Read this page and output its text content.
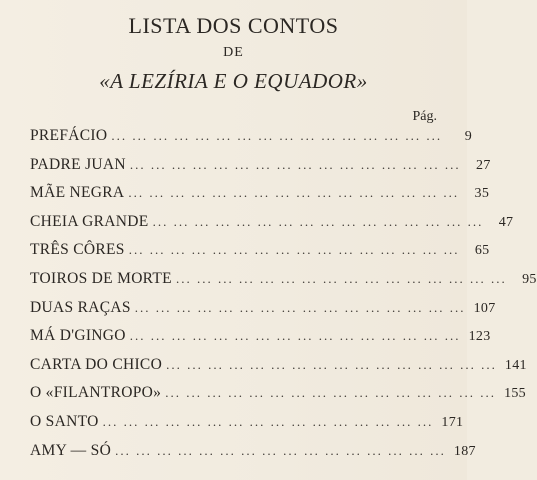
LISTA DOS CONTOS
DE
«A LEZÍRIA E O EQUADOR»
Pág.
PREFÁCIO ... ... ... ... ... ... ... ... ... ... ... ... ... ... ... ...	9
PADRE JUAN ... ... ... ... ... ... ... ... ... ... ... ... ... ... ... ...	27
MÃE NEGRA ... ... ... ... ... ... ... ... ... ... ... ... ... ... ... ...	35
CHEIA GRANDE ... ... ... ... ... ... ... ... ... ... ... ... ... ... ... ...	47
TRÊS CÔRES ... ... ... ... ... ... ... ... ... ... ... ... ... ... ... ...	65
TOIROS DE MORTE ... ... ... ... ... ... ... ... ... ... ... ... ... ... ... ...	95
DUAS RAÇAS ... ... ... ... ... ... ... ... ... ... ... ... ... ... ... ... 107
MÁ D'GINGO ... ... ... ... ... ... ... ... ... ... ... ... ... ... ... ... 123
CARTA DO CHICO ... ... ... ... ... ... ... ... ... ... ... ... ... ... ... ... 141
O «FILANTROPO» ... ... ... ... ... ... ... ... ... ... ... ... ... ... ... ... 155
O SANTO ... ... ... ... ... ... ... ... ... ... ... ... ... ... ... ... 171
AMY — SÓ ... ... ... ... ... ... ... ... ... ... ... ... ... ... ... ... 187
